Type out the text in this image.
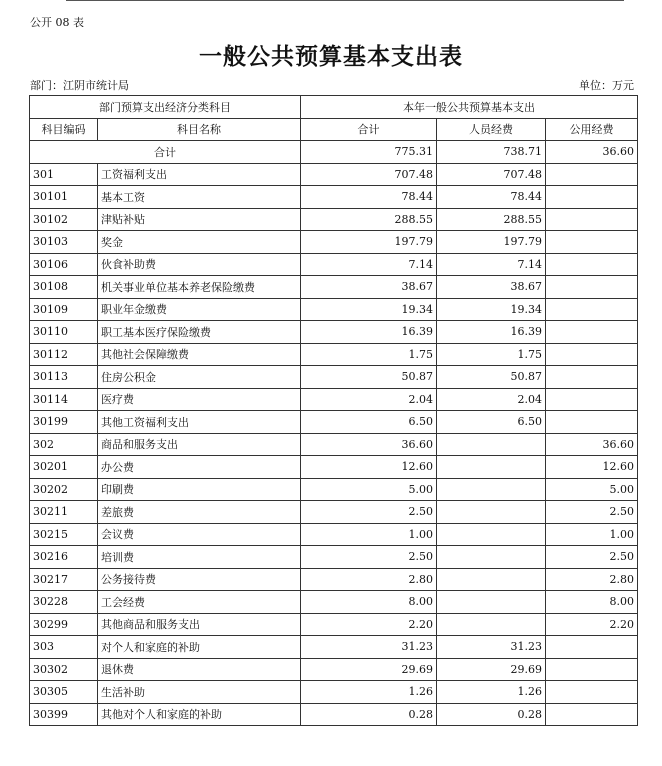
公开 08 表
一般公共预算基本支出表
部门：江阴市统计局	单位：万元
部门预算支出经济分类科目		本年一般公共预算基本支出		
科目编码	科目名称	合计	人员经费	公用经费
合计		775.31	738.71	36.60
301	工资福利支出	707.48	707.48	
30101	基本工资	78.44	78.44	
30102	津贴补贴	288.55	288.55	
30103	奖金	197.79	197.79	
30106	伙食补助费	7.14	7.14	
30108	机关事业单位基本养老保险缴费	38.67	38.67	
30109	职业年金缴费	19.34	19.34	
30110	职工基本医疗保险缴费	16.39	16.39	
30112	其他社会保障缴费	1.75	1.75	
30113	住房公积金	50.87	50.87	
30114	医疗费	2.04	2.04	
30199	其他工资福利支出	6.50	6.50	
302	商品和服务支出	36.60		36.60
30201	办公费	12.60		12.60
30202	印刷费	5.00		5.00
30211	差旅费	2.50		2.50
30215	会议费	1.00		1.00
30216	培训费	2.50		2.50
30217	公务接待费	2.80		2.80
30228	工会经费	8.00		8.00
30299	其他商品和服务支出	2.20		2.20
303	对个人和家庭的补助	31.23	31.23	
30302	退休费	29.69	29.69	
30305	生活补助	1.26	1.26	
30399	其他对个人和家庭的补助	0.28	0.28	
